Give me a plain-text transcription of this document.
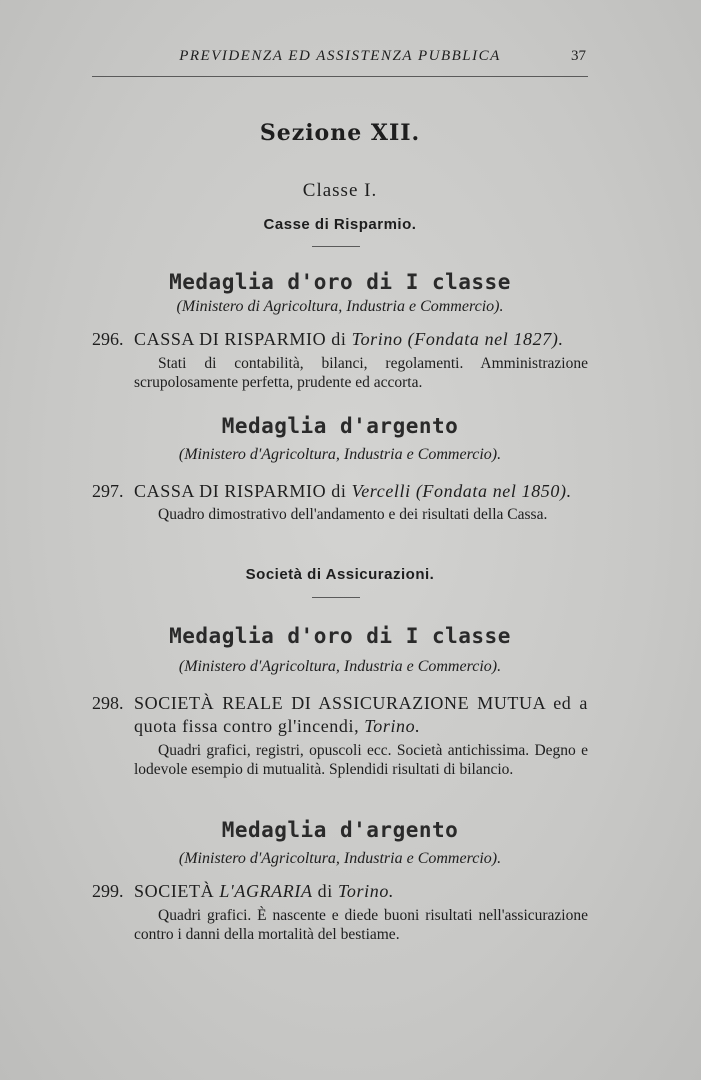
PREVIDENZA ED ASSISTENZA PUBBLICA	37
Sezione XII.
Classe I.
Casse di Risparmio.
Medaglia d'oro di I classe
(Ministero di Agricoltura, Industria e Commercio).
296. CASSA DI RISPARMIO di Torino (Fondata nel 1827).
Stati di contabilità, bilanci, regolamenti. Amministrazione scrupolosamente perfetta, prudente ed accorta.
Medaglia d'argento
(Ministero d'Agricoltura, Industria e Commercio).
297. CASSA DI RISPARMIO di Vercelli (Fondata nel 1850).
Quadro dimostrativo dell'andamento e dei risultati della Cassa.
Società di Assicurazioni.
Medaglia d'oro di I classe
(Ministero d'Agricoltura, Industria e Commercio).
298. SOCIETÀ REALE DI ASSICURAZIONE MUTUA ed a quota fissa contro gl'incendi, Torino.
Quadri grafici, registri, opuscoli ecc. Società antichissima. Degno e lodevole esempio di mutualità. Splendidi risultati di bilancio.
Medaglia d'argento
(Ministero d'Agricoltura, Industria e Commercio).
299. SOCIETÀ L'AGRARIA di Torino.
Quadri grafici. È nascente e diede buoni risultati nell'assicurazione contro i danni della mortalità del bestiame.
